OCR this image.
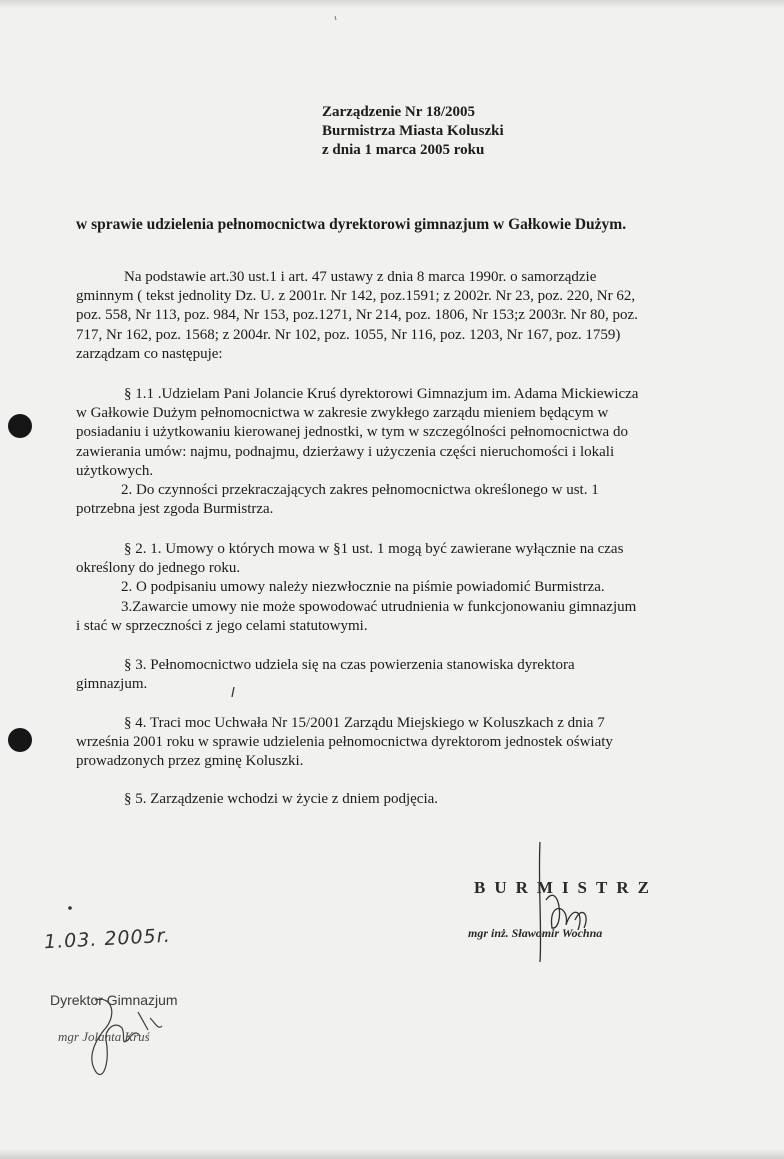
Zarządzenie Nr 18/2005
Burmistrza Miasta Koluszki
z dnia 1 marca 2005 roku
w sprawie udzielenia pełnomocnictwa dyrektorowi gimnazjum w Gałkowie Dużym.

Na podstawie art.30 ust.1 i art. 47 ustawy z dnia 8 marca 1990r. o samorządzie
gminnym ( tekst jednolity Dz. U. z 2001r. Nr 142, poz.1591; z 2002r. Nr 23, poz. 220, Nr 62,
poz. 558, Nr 113, poz. 984, Nr 153, poz.1271, Nr 214, poz. 1806, Nr 153;z 2003r. Nr 80, poz.
717, Nr 162, poz. 1568; z 2004r. Nr 102, poz. 1055, Nr 116, poz. 1203, Nr 167, poz. 1759)
zarządzam co następuje:

§ 1.1 .Udzielam Pani Jolancie Kruś dyrektorowi Gimnazjum im. Adama Mickiewicza
w Gałkowie Dużym pełnomocnictwa w zakresie zwykłego zarządu mieniem będącym w
posiadaniu i użytkowaniu kierowanej jednostki, w tym w szczególności pełnomocnictwa do
zawierania umów: najmu, podnajmu, dzierżawy i użyczenia części nieruchomości i lokali
użytkowych.
2. Do czynności przekraczających zakres pełnomocnictwa określonego w ust. 1
potrzebna jest zgoda Burmistrza.

§ 2. 1. Umowy o których mowa w §1 ust. 1 mogą być zawierane wyłącznie na czas
określony do jednego roku.
2. O podpisaniu umowy należy niezwłocznie na piśmie powiadomić Burmistrza.
3.Zawarcie umowy nie może spowodować utrudnienia w funkcjonowaniu gimnazjum
i stać w sprzeczności z jego celami statutowymi.

§ 3. Pełnomocnictwo udziela się na czas powierzenia stanowiska dyrektora
gimnazjum.

§ 4. Traci moc Uchwała Nr 15/2001 Zarządu Miejskiego w Koluszkach z dnia 7
września 2001 roku w sprawie udzielenia pełnomocnictwa dyrektorom jednostek oświaty
prowadzonych przez gminę Koluszki.

§ 5. Zarządzenie wchodzi w życie z dniem podjęcia.

BURMISTRZ
mgr inż. Sławomir Wochna
1.03. 2005r.
Dyrektor Gimnazjum
mgr Jolanta Kruś
